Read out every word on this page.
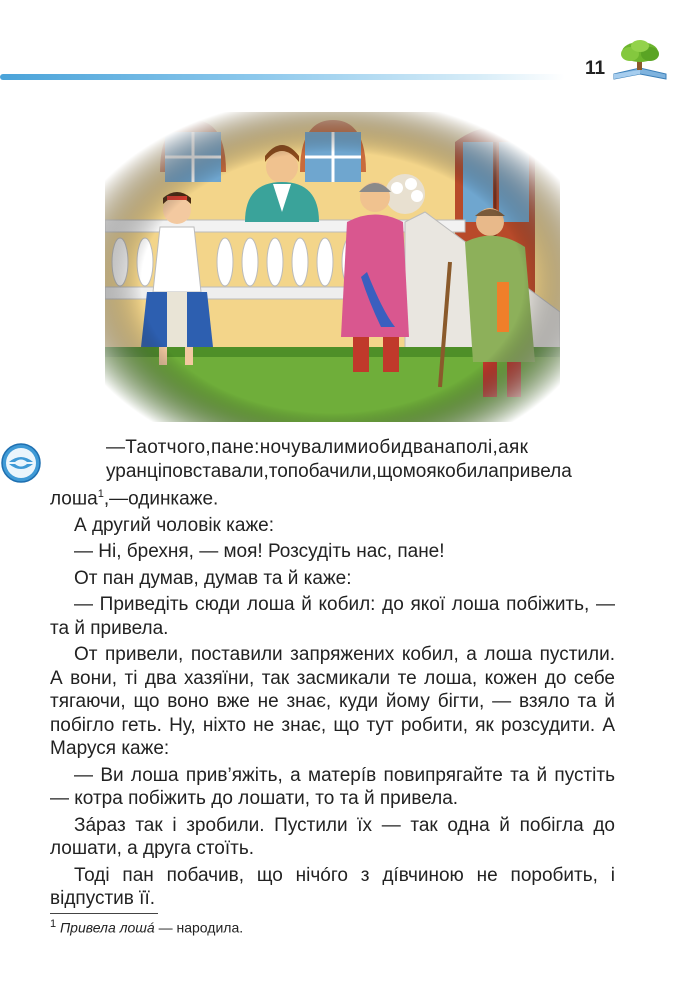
11

—Таотчого,пане:ночувалимиобидванаполі,аяк

уранціповставали,топобачили,щомоякобилапривела

лоша$^1$,—одинкаже.

А другий чоловік каже:

— Ні, брехня, — моя! Розсудіть нас, пане!

От пан думав, думав та й каже:

— Приведіть сюди лоша й кобил: до якої лоша побіжить, — та й привела.

От привели, поставили запряжених кобил, а лоша пустили. А вони, ті два хазяїни, так засмикали те лоша, кожен до себе тягаючи, що воно вже не знає, куди йому бігти, — взяло та й побігло геть. Ну, ніхто не знає, що тут робити, як розсудити. А Маруся каже:

— Ви лоша прив’яжіть, а матерíв повипрягайте та й пустіть — котра побіжить до лошати, то та й привела.

Зáраз так і зробили. Пустили їх — так одна й побігла до лошати, а друга стоїть.

Тоді пан побачив, що нічóго з дíвчиною не поробить, і відпустив її.

$^1$ Привела лошá — народила.
